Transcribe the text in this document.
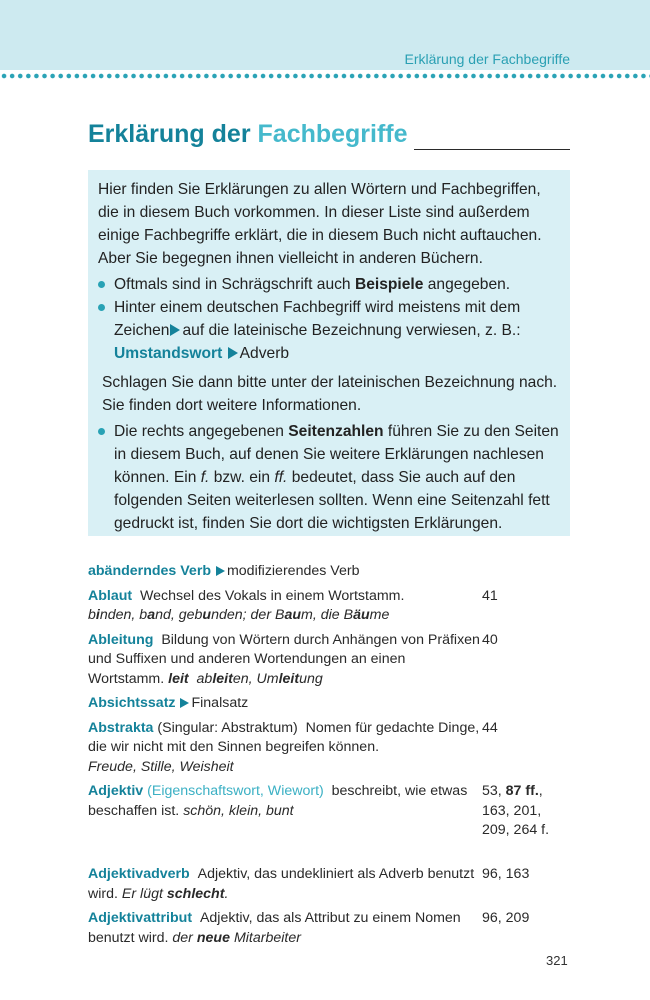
Erklärung der Fachbegriffe
Erklärung der Fachbegriffe

Hier finden Sie Erklärungen zu allen Wörtern und Fachbegriffen, die in diesem Buch vorkommen. In dieser Liste sind außerdem einige Fachbegriffe erklärt, die in diesem Buch nicht auftauchen. Aber Sie begegnen ihnen vielleicht in anderen Büchern.

Oftmals sind in Schrägschrift auch Beispiele angegeben.
Hinter einem deutschen Fachbegriff wird meistens mit dem Zeichen auf die lateinische Bezeichnung verwiesen, z. B.:
Umstandswort Adverb

Schlagen Sie dann bitte unter der lateinischen Bezeichnung nach. Sie finden dort weitere Informationen.

Die rechts angegebenen Seitenzahlen führen Sie zu den Seiten in diesem Buch, auf denen Sie weitere Erklärungen nachlesen können. Ein f. bzw. ein ff. bedeutet, dass Sie auch auf den folgenden Seiten weiterlesen sollten. Wenn eine Seitenzahl fett gedruckt ist, finden Sie dort die wichtigsten Erklärungen.
abänderndes Verb modifizierendes Verb
Ablaut Wechsel des Vokals in einem Wortstamm.
binden, band, gebunden; der Baum, die Bäume
41
Ableitung Bildung von Wörtern durch Anhängen von Präfixen und Suffixen und anderen Wortendungen an einen Wortstamm. leit ableiten, Umleitung
40
Absichtssatz Finalsatz
Abstrakta (Singular: Abstraktum) Nomen für gedachte Dinge, die wir nicht mit den Sinnen begreifen können.
Freude, Stille, Weisheit
44
Adjektiv (Eigenschaftswort, Wiewort) beschreibt, wie etwas beschaffen ist. schön, klein, bunt
53, 87 ff., 163, 201, 209, 264 f.
Adjektivadverb Adjektiv, das undekliniert als Adverb benutzt wird. Er lügt schlecht.
96, 163
Adjektivattribut Adjektiv, das als Attribut zu einem Nomen benutzt wird. der neue Mitarbeiter
96, 209
321
